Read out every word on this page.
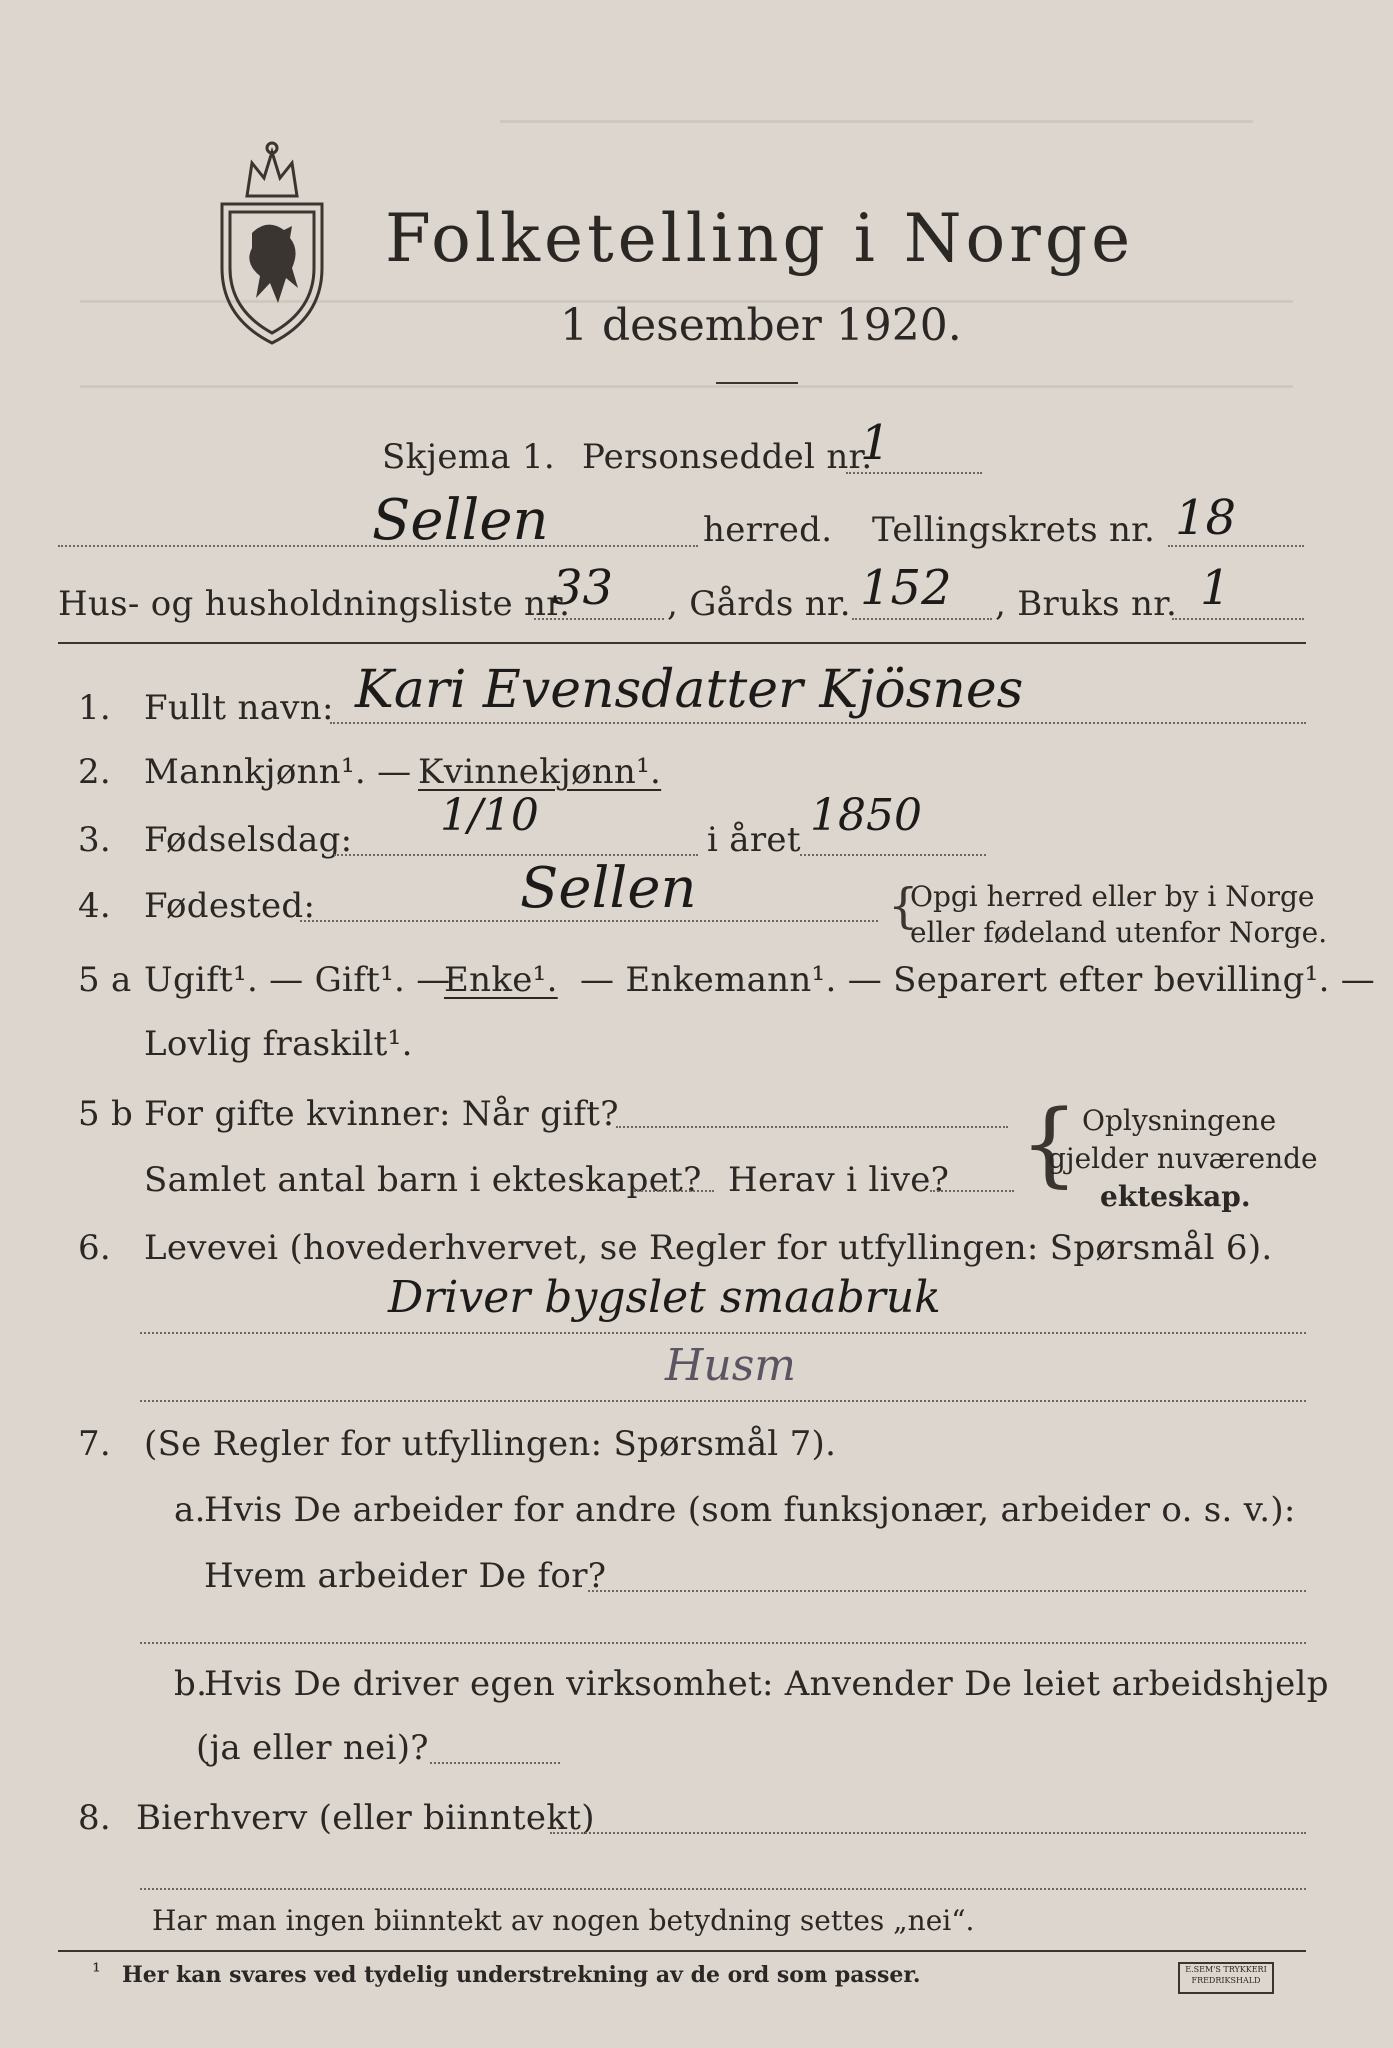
Folketelling i Norge
1 desember 1920.
Skjema 1. Personseddel nr.
1
Sellen	herred. Tellingskrets nr. 18
Hus- og husholdningsliste nr.
33 , Gårds nr. 152 , Bruks nr. 1
1. Fullt navn: Kari Evensdatter Kjösnes
2. Mannkjønn¹. — Kvinnekjønn¹.
3. Fødselsdag: 1/10	i året 1850
4. Fødested:	Sellen	{
Opgi herred eller by i Norge
eller fødeland utenfor Norge.
5 a Ugift¹. — Gift¹. —
Enke¹. — Enkemann¹. — Separert efter bevilling¹. —
Lovlig fraskilt¹.
5 b For gifte kvinner: Når gift?
Samlet antal barn i ekteskapet? Herav i live? { Oplysningene
gjelder nuværende
ekteskap.
6. Levevei (hovederhvervet, se Regler for utfyllingen: Spørsmål 6).
Driver bygslet smaabruk
Husm
7. (Se Regler for utfyllingen: Spørsmål 7).
a.
Hvis De arbeider for andre (som funksjonær, arbeider o. s. v.):
Hvem arbeider De for?
b.
Hvis De driver egen virksomhet: Anvender De leiet arbeidshjelp
(ja eller nei)?
8. Bierhverv (eller biinntekt)
Har man ingen biinntekt av nogen betydning settes „nei“.
¹ Her kan svares ved tydelig understrekning av de ord som passer.	E.SEM'S TRYKKERI
FREDRIKSHALD
